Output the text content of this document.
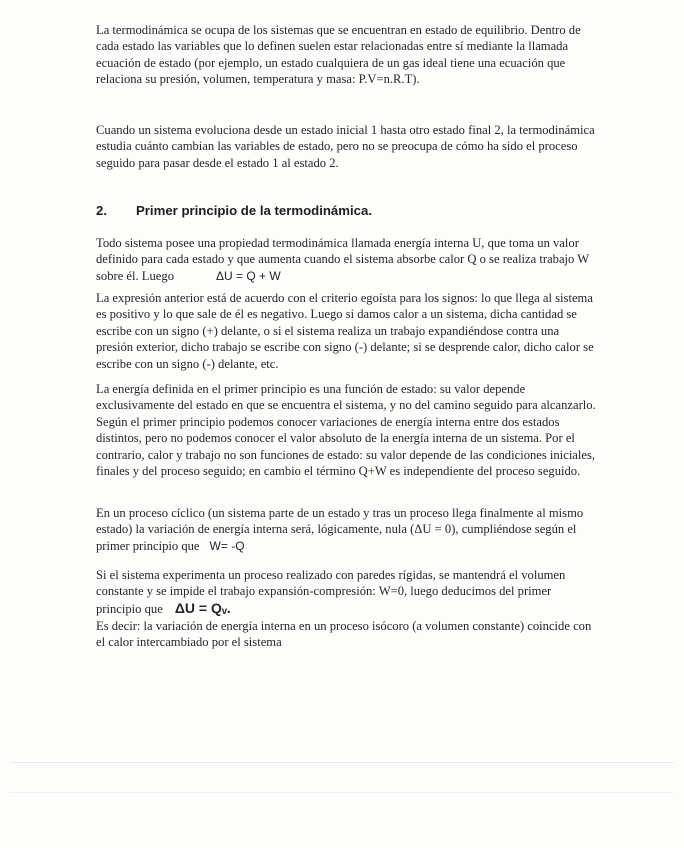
La termodinámica se ocupa de los sistemas que se encuentran en estado de equilibrio. Dentro de cada estado las variables que lo definen suelen estar relacionadas entre sí mediante la llamada ecuación de estado (por ejemplo, un estado cualquiera de un gas ideal tiene una ecuación que relaciona su presión, volumen, temperatura y masa: P.V=n.R.T).

Cuando un sistema evoluciona desde un estado inicial 1 hasta otro estado final 2, la termodinámica estudia cuánto cambian las variables de estado, pero no se preocupa de cómo ha sido el proceso seguido para pasar desde el estado 1 al estado 2.

2. Primer principio de la termodinámica.

Todo sistema posee una propiedad termodinámica llamada energía interna U, que toma un valor definido para cada estado y que aumenta cuando el sistema absorbe calor Q o se realiza trabajo W sobre él. Luego	ΔU = Q + W

La expresión anterior está de acuerdo con el criterio egoísta para los signos: lo que llega al sistema es positivo y lo que sale de él es negativo. Luego si damos calor a un sistema, dicha cantidad se escribe con un signo (+) delante, o si el sistema realiza un trabajo expandiéndose contra una presión exterior, dicho trabajo se escribe con signo (-) delante; si se desprende calor, dicho calor se escribe con un signo (-) delante, etc.

La energía definida en el primer principio es una función de estado: su valor depende exclusivamente del estado en que se encuentra el sistema, y no del camino seguido para alcanzarlo. Según el primer principio podemos conocer variaciones de energía interna entre dos estados distintos, pero no podemos conocer el valor absoluto de la energía interna de un sistema. Por el contrario, calor y trabajo no son funciones de estado: su valor depende de las condiciones iniciales, finales y del proceso seguido; en cambio el término Q+W es independiente del proceso seguido.

En un proceso cíclico (un sistema parte de un estado y tras un proceso llega finalmente al mismo estado) la variación de energía interna será, lógicamente, nula (ΔU = 0), cumpliéndose según el primer principio que W= -Q

Si el sistema experimenta un proceso realizado con paredes rígidas, se mantendrá el volumen constante y se impide el trabajo expansión-compresión: W=0, luego deducimos del primer principio que ΔU = Qᵥ.

Es decir: la variación de energía interna en un proceso isócoro (a volumen constante) coincide con el calor intercambiado por el sistema
